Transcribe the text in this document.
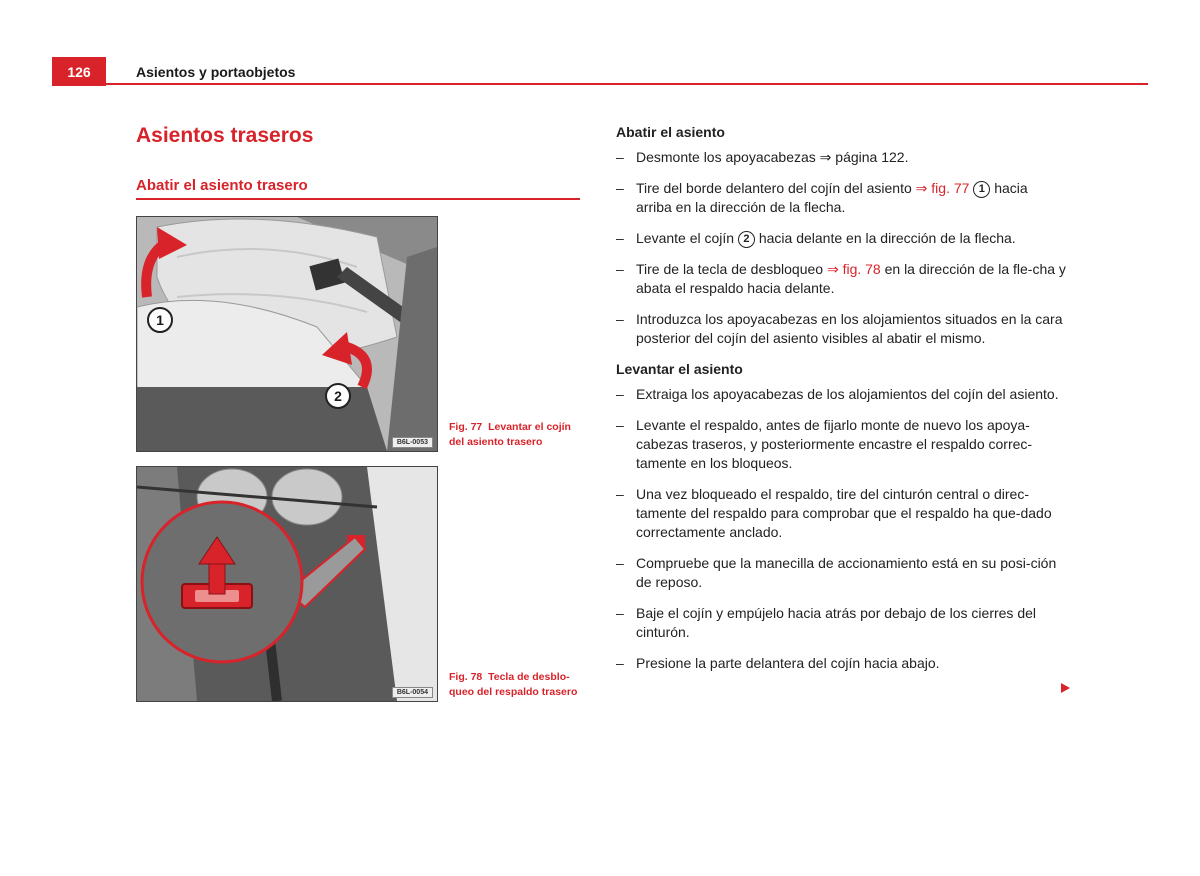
126	Asientos y portaobjetos
Asientos traseros
Abatir el asiento trasero
1
2
B6L-0053
Fig. 77 Levantar el cojín del asiento trasero
B6L-0054
Fig. 78 Tecla de desblo-queo del respaldo trasero
Abatir el asiento
– Desmonte los apoyacabezas ⇒ página 122.
– Tire del borde delantero del cojín del asiento ⇒ fig. 77 1 hacia arriba en la dirección de la flecha.
– Levante el cojín 2 hacia delante en la dirección de la flecha.
– Tire de la tecla de desbloqueo ⇒ fig. 78 en la dirección de la fle-cha y abata el respaldo hacia delante.
– Introduzca los apoyacabezas en los alojamientos situados en la cara posterior del cojín del asiento visibles al abatir el mismo.
Levantar el asiento
– Extraiga los apoyacabezas de los alojamientos del cojín del asiento.
– Levante el respaldo, antes de fijarlo monte de nuevo los apoya-cabezas traseros, y posteriormente encastre el respaldo correc-tamente en los bloqueos.
– Una vez bloqueado el respaldo, tire del cinturón central o direc-tamente del respaldo para comprobar que el respaldo ha que-dado correctamente anclado.
– Compruebe que la manecilla de accionamiento está en su posi-ción de reposo.
– Baje el cojín y empújelo hacia atrás por debajo de los cierres del cinturón.
– Presione la parte delantera del cojín hacia abajo.
